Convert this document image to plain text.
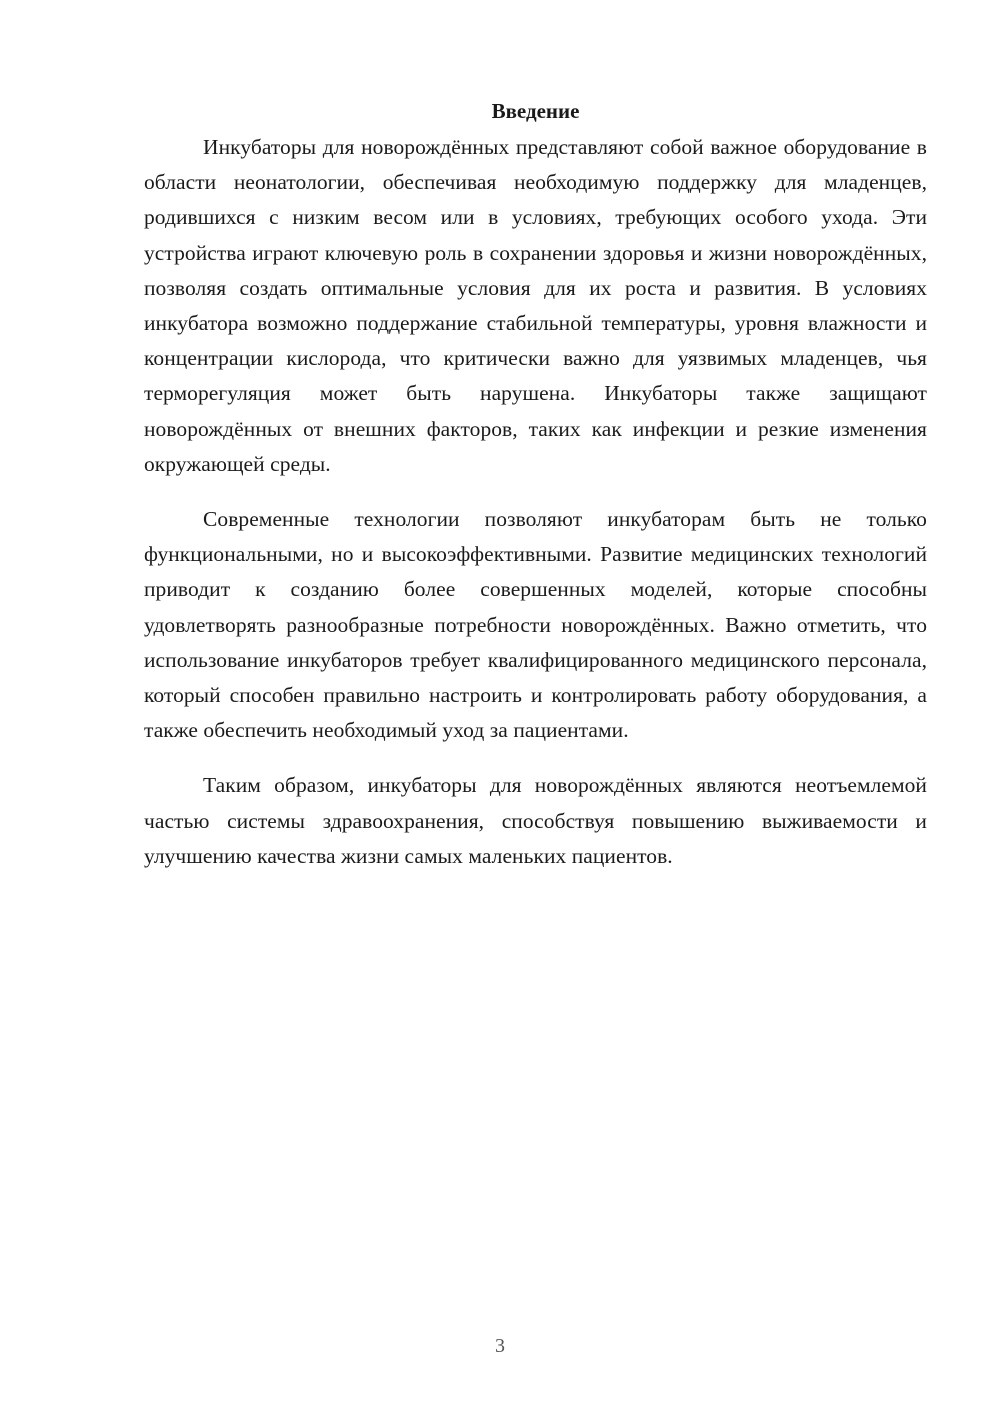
Введение

Инкубаторы для новорождённых представляют собой важное оборудование в области неонатологии, обеспечивая необходимую поддержку для младенцев, родившихся с низким весом или в условиях, требующих особого ухода. Эти устройства играют ключевую роль в сохранении здоровья и жизни новорождённых, позволяя создать оптимальные условия для их роста и развития. В условиях инкубатора возможно поддержание стабильной температуры, уровня влажности и концентрации кислорода, что критически важно для уязвимых младенцев, чья терморегуляция может быть нарушена. Инкубаторы также защищают новорождённых от внешних факторов, таких как инфекции и резкие изменения окружающей среды.

Современные технологии позволяют инкубаторам быть не только функциональными, но и высокоэффективными. Развитие медицинских технологий приводит к созданию более совершенных моделей, которые способны удовлетворять разнообразные потребности новорождённых. Важно отметить, что использование инкубаторов требует квалифицированного медицинского персонала, который способен правильно настроить и контролировать работу оборудования, а также обеспечить необходимый уход за пациентами.

Таким образом, инкубаторы для новорождённых являются неотъемлемой частью системы здравоохранения, способствуя повышению выживаемости и улучшению качества жизни самых маленьких пациентов.

3
